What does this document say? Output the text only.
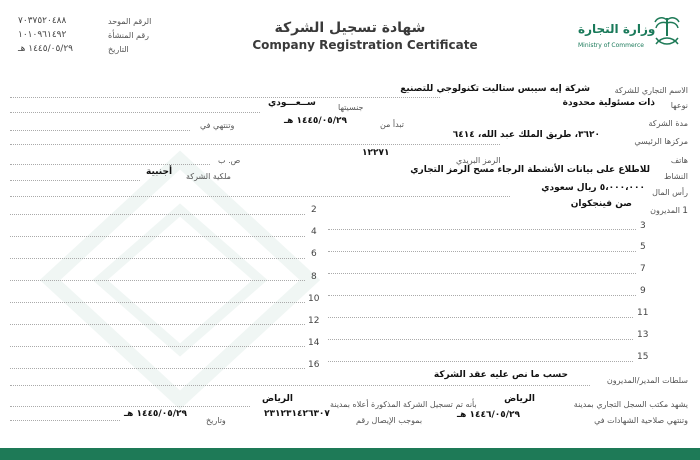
وزارة التجارة
Ministry of Commerce
شهادة تسجيل الشركة
Company Registration Certificate
٧٠٣٧٥٢٠٤٨٨	الرقم الموحد
١٠١٠٩٦١٤٩٢	رقم المنشأة
١٤٤٥/٠٥/٢٩ هـ	التاريخ
الاسم التجاري للشركة
شركة إيه سيبس ستاليت تكنولوجي للتصنيع
نوعها
ذات مسئولية محدودة
جنسيتها
ســعـــودي
مدة الشركة
تبدأ من
١٤٤٥/٠٥/٢٩ هـ
وتنتهي في
مركزها الرئيسي
٣٦٢٠، طريق الملك عبد الله، ٦٤١٤
هاتف
الرمز البريدي
١٢٢٧١
ص. ب
النشاط
للاطلاع على بيانات الأنشطة الرجاء مسح الرمز التجاري
ملكية الشركة
أجنبية
رأس المال
٥،٠٠٠،٠٠٠ ريال سعودي
المديرون 1
صن فينجكوان
2
3
4
5
6
7
8
9
10
11
12
13
14
15
16
سلطات المدير/المديرون
حسب ما نص عليه عقد الشركة
يشهد مكتب السجل التجاري بمدينة
الرياض
بأنه تم تسجيل الشركة المذكورة أعلاه بمدينة
الرياض
وتنتهي صلاحية الشهادات في
١٤٤٦/٠٥/٢٩ هـ
بموجب الإيصال رقم
٢٣١٢٣١٤٢٦٣٠٧
وتاريخ
١٤٤٥/٠٥/٢٩ هـ
